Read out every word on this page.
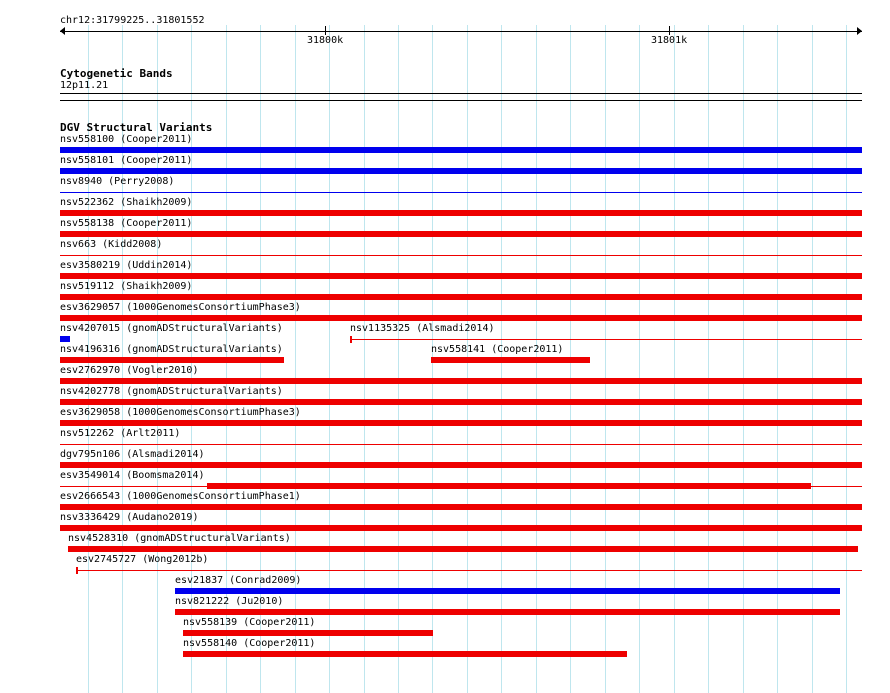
chr12:31799225..31801552
31800k	31801k
Cytogenetic Bands
12p11.21
DGV Structural Variants
nsv558100 (Cooper2011)
nsv558101 (Cooper2011)
nsv8940 (Perry2008)
nsv522362 (Shaikh2009)
nsv558138 (Cooper2011)
nsv663 (Kidd2008)
esv3580219 (Uddin2014)
nsv519112 (Shaikh2009)
esv3629057 (1000GenomesConsortiumPhase3)
nsv4207015 (gnomADStructuralVariants)	nsv1135325 (Alsmadi2014)
nsv4196316 (gnomADStructuralVariants)	nsv558141 (Cooper2011)
esv2762970 (Vogler2010)
nsv4202778 (gnomADStructuralVariants)
esv3629058 (1000GenomesConsortiumPhase3)
nsv512262 (Arlt2011)
dgv795n106 (Alsmadi2014)
esv3549014 (Boomsma2014)
esv2666543 (1000GenomesConsortiumPhase1)
nsv3336429 (Audano2019)
nsv4528310 (gnomADStructuralVariants)
esv2745727 (Wong2012b)
esv21837 (Conrad2009)
nsv821222 (Ju2010)
nsv558139 (Cooper2011)
nsv558140 (Cooper2011)
